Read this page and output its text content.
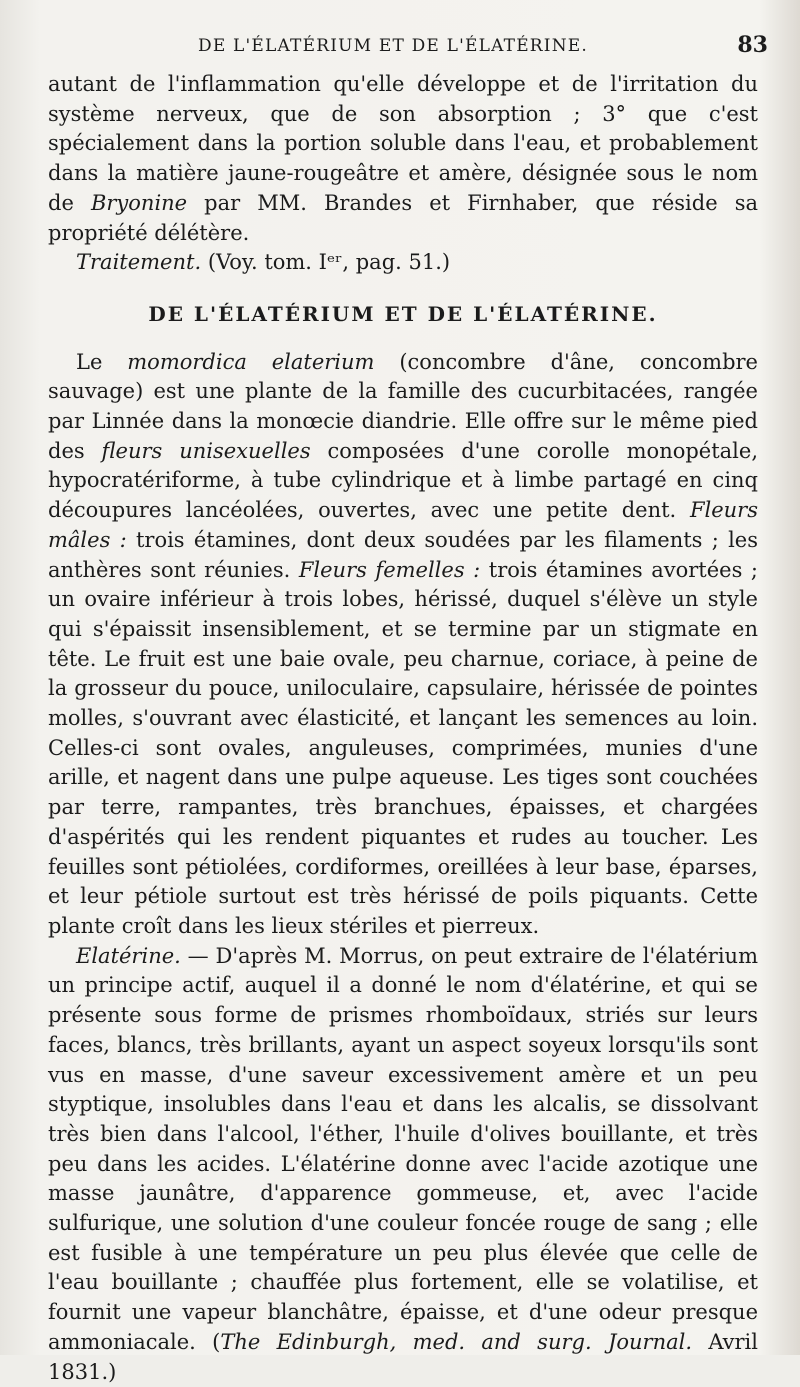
DE L'ÉLATÉRIUM ET DE L'ÉLATÉRINE.	83

autant de l'inflammation qu'elle développe et de l'irritation du système nerveux, que de son absorption ; 3° que c'est spécialement dans la portion soluble dans l'eau, et probablement dans la matière jaune-rougeâtre et amère, désignée sous le nom de Bryonine par MM. Brandes et Firnhaber, que réside sa propriété délétère.

Traitement. (Voy. tom. Iᵉʳ, pag. 51.)

DE L'ÉLATÉRIUM ET DE L'ÉLATÉRINE.

Le momordica elaterium (concombre d'âne, concombre sauvage) est une plante de la famille des cucurbitacées, rangée par Linnée dans la monœcie diandrie. Elle offre sur le même pied des fleurs unisexuelles composées d'une corolle monopétale, hypocratériforme, à tube cylindrique et à limbe partagé en cinq découpures lancéolées, ouvertes, avec une petite dent. Fleurs mâles : trois étamines, dont deux soudées par les filaments ; les anthères sont réunies. Fleurs femelles : trois étamines avortées ; un ovaire inférieur à trois lobes, hérissé, duquel s'élève un style qui s'épaissit insensiblement, et se termine par un stigmate en tête. Le fruit est une baie ovale, peu charnue, coriace, à peine de la grosseur du pouce, uniloculaire, capsulaire, hérissée de pointes molles, s'ouvrant avec élasticité, et lançant les semences au loin. Celles-ci sont ovales, anguleuses, comprimées, munies d'une arille, et nagent dans une pulpe aqueuse. Les tiges sont couchées par terre, rampantes, très branchues, épaisses, et chargées d'aspérités qui les rendent piquantes et rudes au toucher. Les feuilles sont pétiolées, cordiformes, oreillées à leur base, éparses, et leur pétiole surtout est très hérissé de poils piquants. Cette plante croît dans les lieux stériles et pierreux.

Elatérine. — D'après M. Morrus, on peut extraire de l'élatérium un principe actif, auquel il a donné le nom d'élatérine, et qui se présente sous forme de prismes rhomboïdaux, striés sur leurs faces, blancs, très brillants, ayant un aspect soyeux lorsqu'ils sont vus en masse, d'une saveur excessivement amère et un peu styptique, insolubles dans l'eau et dans les alcalis, se dissolvant très bien dans l'alcool, l'éther, l'huile d'olives bouillante, et très peu dans les acides. L'élatérine donne avec l'acide azotique une masse jaunâtre, d'apparence gommeuse, et, avec l'acide sulfurique, une solution d'une couleur foncée rouge de sang ; elle est fusible à une température un peu plus élevée que celle de l'eau bouillante ; chauffée plus fortement, elle se volatilise, et fournit une vapeur blanchâtre, épaisse, et d'une odeur presque ammoniacale. (The Edinburgh, med. and surg. Journal. Avril 1831.)
